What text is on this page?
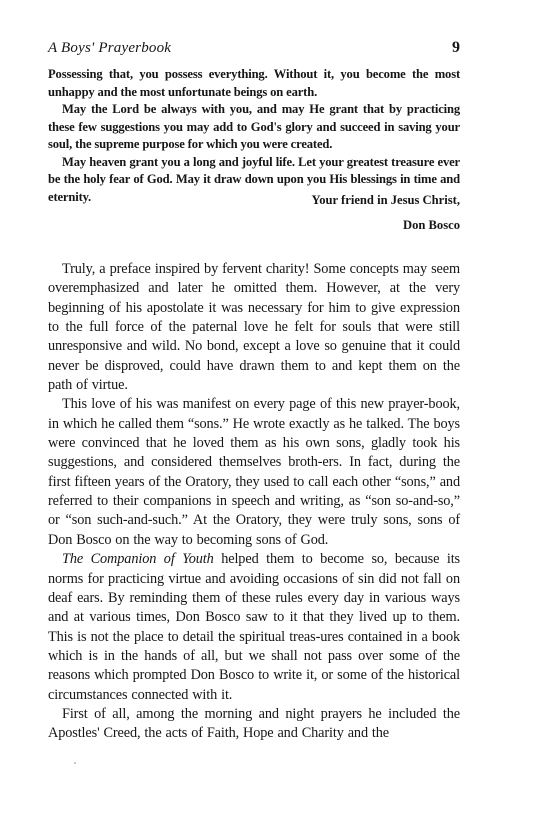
A Boys' Prayerbook	9
Possessing that, you possess everything. Without it, you become the most unhappy and the most unfortunate beings on earth.
May the Lord be always with you, and may He grant that by practicing these few suggestions you may add to God's glory and succeed in saving your soul, the supreme purpose for which you were created.
May heaven grant you a long and joyful life. Let your greatest treasure ever be the holy fear of God. May it draw down upon you His blessings in time and eternity.	Your friend in Jesus Christ,

Don Bosco

Truly, a preface inspired by fervent charity! Some concepts may seem overemphasized and later he omitted them. However, at the very beginning of his apostolate it was necessary for him to give expression to the full force of the paternal love he felt for souls that were still unresponsive and wild. No bond, except a love so genuine that it could never be disproved, could have drawn them to and kept them on the path of virtue.
This love of his was manifest on every page of this new prayer-book, in which he called them “sons.” He wrote exactly as he talked. The boys were convinced that he loved them as his own sons, gladly took his suggestions, and considered themselves broth-ers. In fact, during the first fifteen years of the Oratory, they used to call each other “sons,” and referred to their companions in speech and writing, as “son so-and-so,” or “son such-and-such.” At the Oratory, they were truly sons, sons of Don Bosco on the way to becoming sons of God.
The Companion of Youth helped them to become so, because its norms for practicing virtue and avoiding occasions of sin did not fall on deaf ears. By reminding them of these rules every day in various ways and at various times, Don Bosco saw to it that they lived up to them. This is not the place to detail the spiritual treas-ures contained in a book which is in the hands of all, but we shall not pass over some of the reasons which prompted Don Bosco to write it, or some of the historical circumstances connected with it.
First of all, among the morning and night prayers he included the Apostles' Creed, the acts of Faith, Hope and Charity and the
